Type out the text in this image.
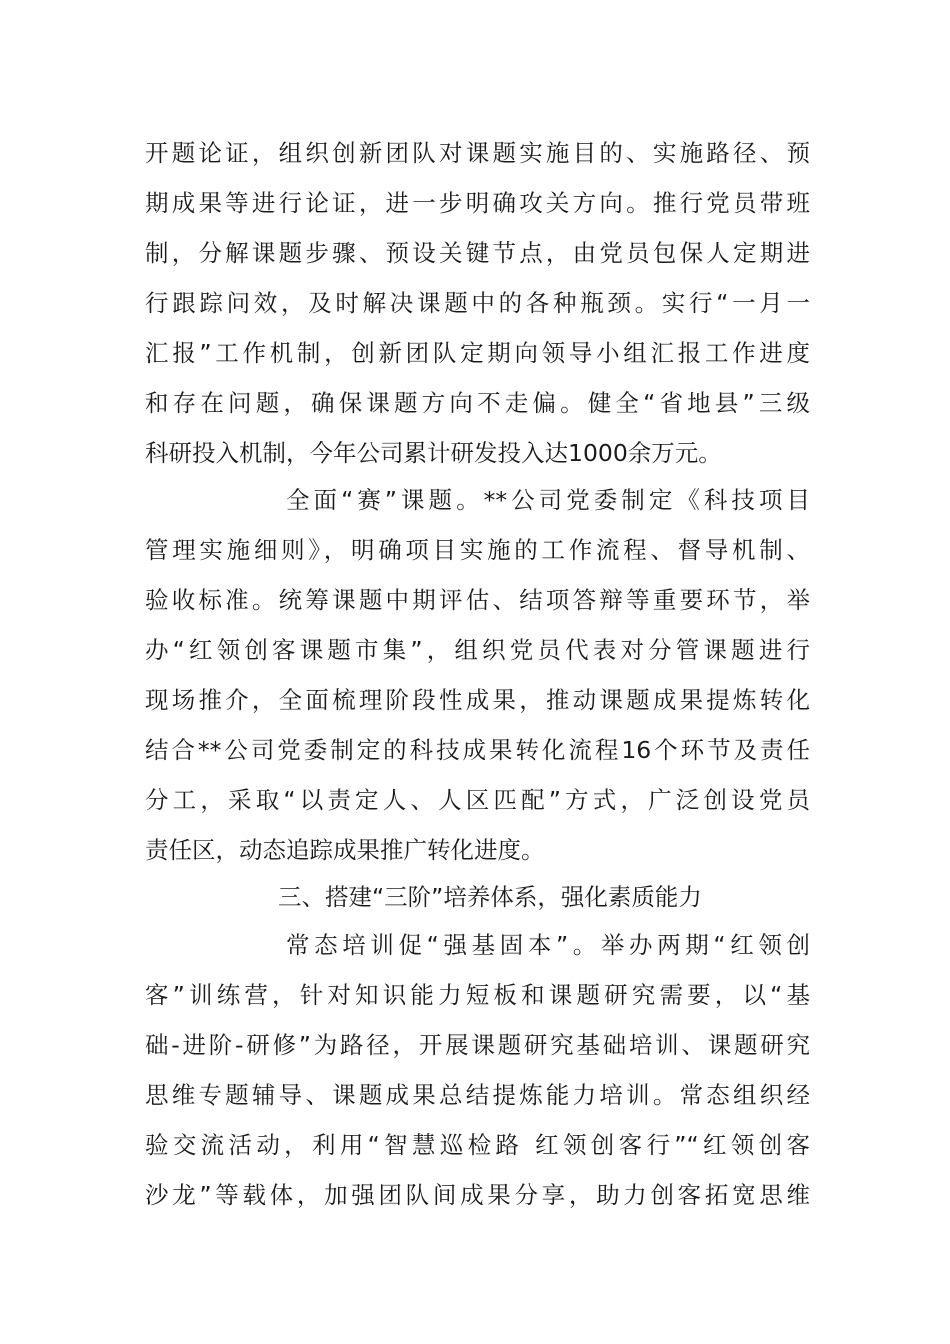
开题论证，组织创新团队对课题实施目的、实施路径、预
期成果等进行论证，进一步明确攻关方向。推行党员带班
制，分解课题步骤、预设关键节点，由党员包保人定期进
行跟踪问效，及时解决课题中的各种瓶颈。实行“一月一
汇报”工作机制，创新团队定期向领导小组汇报工作进度
和存在问题，确保课题方向不走偏。健全“省地县”三级
科研投入机制，今年公司累计研发投入达1000余万元。
全面“赛”课题。**公司党委制定《科技项目
管理实施细则》，明确项目实施的工作流程、督导机制、
验收标准。统筹课题中期评估、结项答辩等重要环节，举
办“红领创客课题市集”，组织党员代表对分管课题进行
现场推介，全面梳理阶段性成果，推动课题成果提炼转化
结合**公司党委制定的科技成果转化流程16个环节及责任
分工，采取“以责定人、人区匹配”方式，广泛创设党员
责任区，动态追踪成果推广转化进度。
三、搭建“三阶”培养体系，强化素质能力
常态培训促“强基固本”。举办两期“红领创
客”训练营，针对知识能力短板和课题研究需要，以“基
础-进阶-研修”为路径，开展课题研究基础培训、课题研究
思维专题辅导、课题成果总结提炼能力培训。常态组织经
验交流活动，利用“智慧巡检路 红领创客行”“红领创客
沙龙”等载体，加强团队间成果分享，助力创客拓宽思维
